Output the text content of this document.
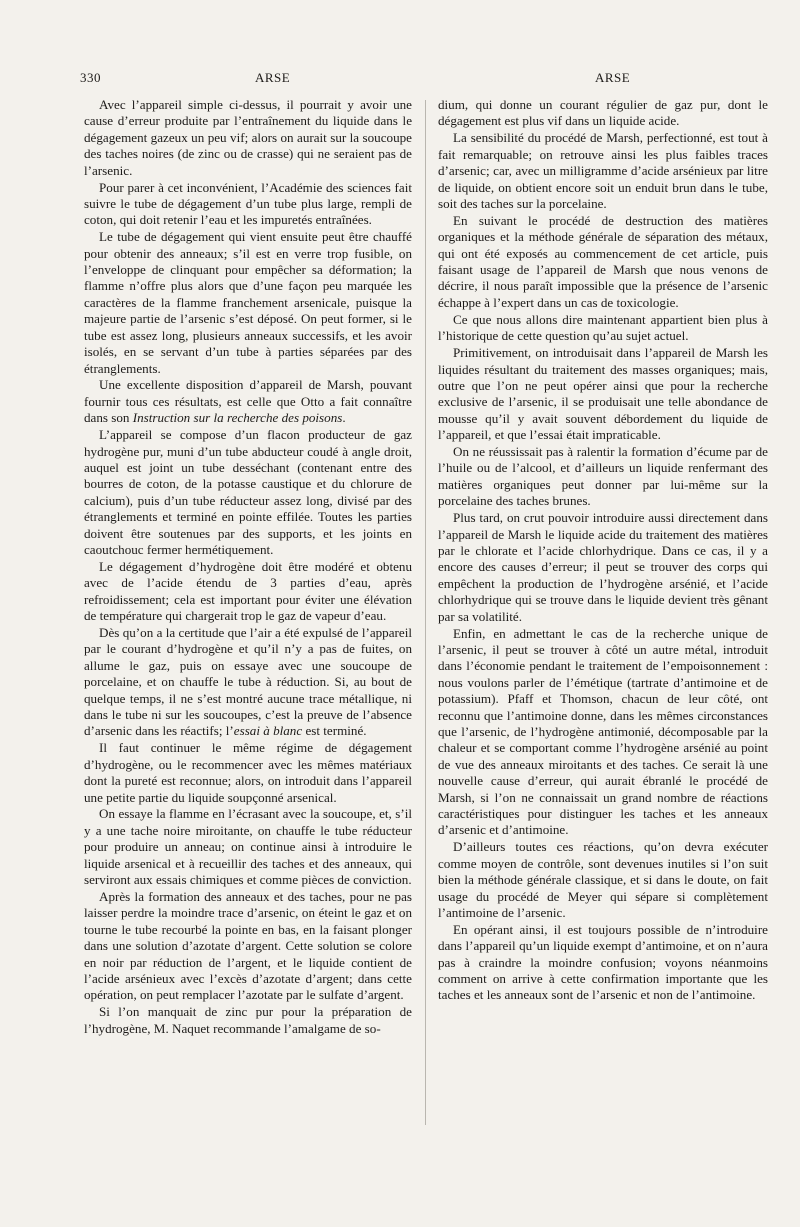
330	ARSE	ARSE

Avec l’appareil simple ci-dessus, il pourrait y avoir une cause d’erreur produite par l’entraînement du liquide dans le dégagement gazeux un peu vif; alors on aurait sur la soucoupe des taches noires (de zinc ou de crasse) qui ne seraient pas de l’arsenic.

Pour parer à cet inconvénient, l’Académie des sciences fait suivre le tube de dégagement d’un tube plus large, rempli de coton, qui doit retenir l’eau et les impuretés entraînées.

Le tube de dégagement qui vient ensuite peut être chauffé pour obtenir des anneaux; s’il est en verre trop fusible, on l’enveloppe de clinquant pour empêcher sa déformation; la flamme n’offre plus alors que d’une façon peu marquée les caractères de la flamme franchement arsenicale, puisque la majeure partie de l’arsenic s’est déposé. On peut former, si le tube est assez long, plusieurs anneaux successifs, et les avoir isolés, en se servant d’un tube à parties séparées par des étranglements.

Une excellente disposition d’appareil de Marsh, pouvant fournir tous ces résultats, est celle que Otto a fait connaître dans son Instruction sur la recherche des poisons.

L’appareil se compose d’un flacon producteur de gaz hydrogène pur, muni d’un tube abducteur coudé à angle droit, auquel est joint un tube desséchant (contenant entre des bourres de coton, de la potasse caustique et du chlorure de calcium), puis d’un tube réducteur assez long, divisé par des étranglements et terminé en pointe effilée. Toutes les parties doivent être soutenues par des supports, et les joints en caoutchouc fermer hermétiquement.

Le dégagement d’hydrogène doit être modéré et obtenu avec de l’acide étendu de 3 parties d’eau, après refroidissement; cela est important pour éviter une élévation de température qui chargerait trop le gaz de vapeur d’eau.

Dès qu’on a la certitude que l’air a été expulsé de l’appareil par le courant d’hydrogène et qu’il n’y a pas de fuites, on allume le gaz, puis on essaye avec une soucoupe de porcelaine, et on chauffe le tube à réduction. Si, au bout de quelque temps, il ne s’est montré aucune trace métallique, ni dans le tube ni sur les soucoupes, c’est la preuve de l’absence d’arsenic dans les réactifs; l’essai à blanc est terminé.

Il faut continuer le même régime de dégagement d’hydrogène, ou le recommencer avec les mêmes matériaux dont la pureté est reconnue; alors, on introduit dans l’appareil une petite partie du liquide soupçonné arsenical.

On essaye la flamme en l’écrasant avec la soucoupe, et, s’il y a une tache noire miroitante, on chauffe le tube réducteur pour produire un anneau; on continue ainsi à introduire le liquide arsenical et à recueillir des taches et des anneaux, qui serviront aux essais chimiques et comme pièces de conviction.

Après la formation des anneaux et des taches, pour ne pas laisser perdre la moindre trace d’arsenic, on éteint le gaz et on tourne le tube recourbé la pointe en bas, en la faisant plonger dans une solution d’azotate d’argent. Cette solution se colore en noir par réduction de l’argent, et le liquide contient de l’acide arsénieux avec l’excès d’azotate d’argent; dans cette opération, on peut remplacer l’azotate par le sulfate d’argent.

Si l’on manquait de zinc pur pour la préparation de l’hydrogène, M. Naquet recommande l’amalgame de so-

dium, qui donne un courant régulier de gaz pur, dont le dégagement est plus vif dans un liquide acide.

La sensibilité du procédé de Marsh, perfectionné, est tout à fait remarquable; on retrouve ainsi les plus faibles traces d’arsenic; car, avec un milligramme d’acide arsénieux par litre de liquide, on obtient encore soit un enduit brun dans le tube, soit des taches sur la porcelaine.

En suivant le procédé de destruction des matières organiques et la méthode générale de séparation des métaux, qui ont été exposés au commencement de cet article, puis faisant usage de l’appareil de Marsh que nous venons de décrire, il nous paraît impossible que la présence de l’arsenic échappe à l’expert dans un cas de toxicologie.

Ce que nous allons dire maintenant appartient bien plus à l’historique de cette question qu’au sujet actuel.

Primitivement, on introduisait dans l’appareil de Marsh les liquides résultant du traitement des masses organiques; mais, outre que l’on ne peut opérer ainsi que pour la recherche exclusive de l’arsenic, il se produisait une telle abondance de mousse qu’il y avait souvent débordement du liquide de l’appareil, et que l’essai était impraticable.

On ne réussissait pas à ralentir la formation d’écume par de l’huile ou de l’alcool, et d’ailleurs un liquide renfermant des matières organiques peut donner par lui-même sur la porcelaine des taches brunes.

Plus tard, on crut pouvoir introduire aussi directement dans l’appareil de Marsh le liquide acide du traitement des matières par le chlorate et l’acide chlorhydrique. Dans ce cas, il y a encore des causes d’erreur; il peut se trouver des corps qui empêchent la production de l’hydrogène arsénié, et l’acide chlorhydrique qui se trouve dans le liquide devient très gênant par sa volatilité.

Enfin, en admettant le cas de la recherche unique de l’arsenic, il peut se trouver à côté un autre métal, introduit dans l’économie pendant le traitement de l’empoisonnement : nous voulons parler de l’émétique (tartrate d’antimoine et de potassium). Pfaff et Thomson, chacun de leur côté, ont reconnu que l’antimoine donne, dans les mêmes circonstances que l’arsenic, de l’hydrogène antimonié, décomposable par la chaleur et se comportant comme l’hydrogène arsénié au point de vue des anneaux miroitants et des taches. Ce serait là une nouvelle cause d’erreur, qui aurait ébranlé le procédé de Marsh, si l’on ne connaissait un grand nombre de réactions caractéristiques pour distinguer les taches et les anneaux d’arsenic et d’antimoine.

D’ailleurs toutes ces réactions, qu’on devra exécuter comme moyen de contrôle, sont devenues inutiles si l’on suit bien la méthode générale classique, et si dans le doute, on fait usage du procédé de Meyer qui sépare si complètement l’antimoine de l’arsenic.

En opérant ainsi, il est toujours possible de n’introduire dans l’appareil qu’un liquide exempt d’antimoine, et on n’aura pas à craindre la moindre confusion; voyons néanmoins comment on arrive à cette confirmation importante que les taches et les anneaux sont de l’arsenic et non de l’antimoine.
